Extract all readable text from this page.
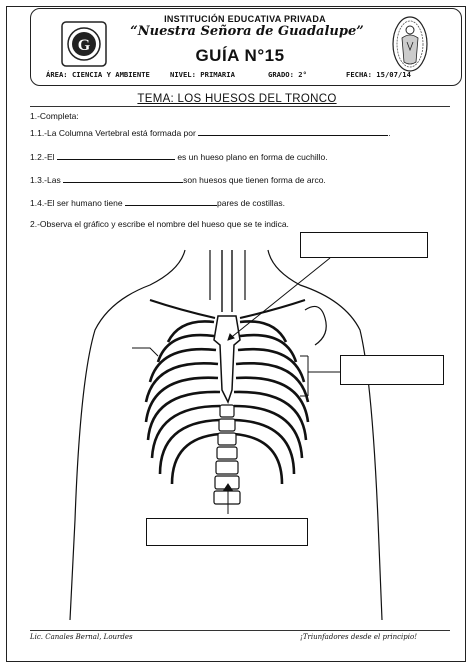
G
INSTITUCIÓN EDUCATIVA PRIVADA
“Nuestra Señora de Guadalupe”
GUÍA N°15
ÁREA: CIENCIA Y AMBIENTE	NIVEL: PRIMARIA	GRADO: 2°	FECHA: 15/07/14
TEMA: LOS HUESOS DEL TRONCO
1.-Completa:
1.1.-La Columna Vertebral está formada por	.
1.2.-El	es un hueso plano en forma de cuchillo.
1.3.-Las	son huesos que tienen forma de arco.
1.4.-El ser humano tiene	pares de costillas.
2.-Observa el gráfico y escribe el nombre del hueso que se te indica.
Lic. Canales Bernal, Lourdes	¡Triunfadores desde el principio!
